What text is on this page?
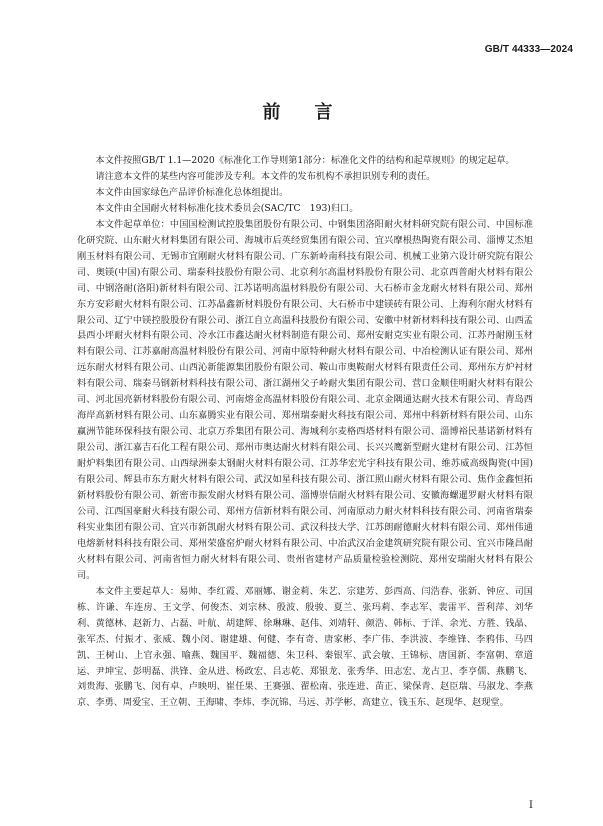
GB/T 44333—2024
前　言

本文件按照GB/T 1.1—2020《标准化工作导则第1部分：标准化文件的结构和起草规则》的规定起草。

请注意本文件的某些内容可能涉及专利。本文件的发布机构不承担识别专利的责任。

本文件由国家绿色产品评价标准化总体组提出。

本文件由全国耐火材料标准化技术委员会(SAC/TC　193)归口。

本文件起草单位：中国国检测试控股集团股份有限公司、中钢集团洛阳耐火材料研究院有限公司、中国标准化研究院、山东耐火材料集团有限公司、海城市后英经贸集团有限公司、宜兴摩根热陶瓷有限公司、淄博艾杰旭刚玉材料有限公司、无锡市宜刚耐火材料有限公司、广东新岭南科技有限公司、机械工业第六设计研究院有限公司、奥镁(中国)有限公司、瑞泰科技股份有限公司、北京利尔高温材料股份有限公司、北京西普耐火材料有限公司、中钢洛耐(洛阳)新材料有限公司、江苏诺明高温材料股份有限公司、大石桥市金龙耐火材料有限公司、郑州东方安彩耐火材料有限公司、江苏晶鑫新材料股份有限公司、大石桥市中建镁砖有限公司、上海利尔耐火材料有限公司、辽宁中镁控股股份有限公司、浙江自立高温科技股份有限公司、安徽中材新材料科技有限公司、山西孟县西小坪耐火材料有限公司、冷水江市鑫达耐火材料制造有限公司、郑州安耐克实业有限公司、江苏丹耐刚玉材料有限公司、江苏嘉耐高温材料股份有限公司、河南中原特种耐火材料有限公司、中冶检测认证有限公司、郑州远东耐火材料有限公司、山西沁新能源集团股份有限公司、鞍山市奥鞍耐火材料有限责任公司、郑州东方炉衬材料有限公司、瑞泰马钢新材料科技有限公司、浙江湖州父子岭耐火集团有限公司、营口金顺佳明耐火材料有限公司、河北国亮新材料股份有限公司、河南熔金高温材料股份有限公司、北京金隅通达耐火技术有限公司、青岛西海岸高新材料有限公司、山东嘉腾实业有限公司、郑州瑞泰耐火科技有限公司、郑州中科新材料有限公司、山东赢洲节能环保科技有限公司、北京万乔集团有限公司、海城利尔麦格西塔材料有限公司、淄博裕民基诺新材料有限公司、浙江嘉吉石化工程有限公司、郑州市奥达耐火材料有限公司、长兴兴鹰新型耐火建材有限公司、江苏恒耐炉料集团有限公司、山西绿洲泰太钢耐火材料有限公司、江苏华宏光宇科技有限公司、维苏威高级陶瓷(中国)有限公司、辉县市东方耐火材料有限公司、武汉如星科技有限公司、浙江照山耐火材料有限公司、焦作金鑫恒拓新材料股份有限公司、新密市振发耐火材料有限公司、淄博崇信耐火材料有限公司、安徽海螺暹罗耐火材料有限公司、江西国豪耐火科技有限公司、郑州方信新材料有限公司、河南原动力耐火材料科技有限公司、河南省瑞泰科实业集团有限公司、宜兴市新凯耐火材料有限公司、武汉科技大学、江苏朗耐德耐火材料有限公司、郑州伟通电熔新材料科技有限公司、郑州荣盛窑炉耐火材料有限公司、中冶武汉冶金建筑研究院有限公司、宜兴市隆昌耐火材料有限公司、河南省恒力耐火材料有限公司、贵州省建材产品质量检验检测院、郑州安瑞耐火材料有限公司。

本文件主要起草人：易帅、李红霞、邓丽娜、谢金莉、朱艺、宗建芳、彭西高、闫浩春、张新、钟应、司国栋、许谦、车连房、王文学、何俊杰、刘宗林、殷波、殷骏、夏兰、张玛莉、李志军、裴雷平、晋利萍、刘华利、黄德林、赵新力、占磊、叶航、胡建辉、徐琳琳、赵伟、刘靖轩、颜浩、韩标、于洋、余光、方胜、钱晶、张军杰、付振才、张威、魏小闵、谢建雄、何健、李有奇、唐家彬、李广伟、李洪波、李维锋、李鸦伟、马四凯、王树山、上官永强、喻燕、魏国平、魏福德、朱卫科、秦银军、武会敏、王锦标、唐国新、李富朝、章道运、尹坤宝、彭明磊、洪锋、金从进、杨政宏、吕志乾、郑银龙、张秀华、田志宏、龙占卫、李亨儒、燕鹏飞、刘贵海、张鹏飞、闵有卓、卢映明、崔任果、王赛强、翟松南、张连进、苗正、梁保青、赵臣瑞、马淑龙、李燕京、李勇、周爱宝、王立朝、王海啸、李炜、李沉锦、马远、苏学彬、高建立、钱玉东、赵现华、赵现堂。

I
